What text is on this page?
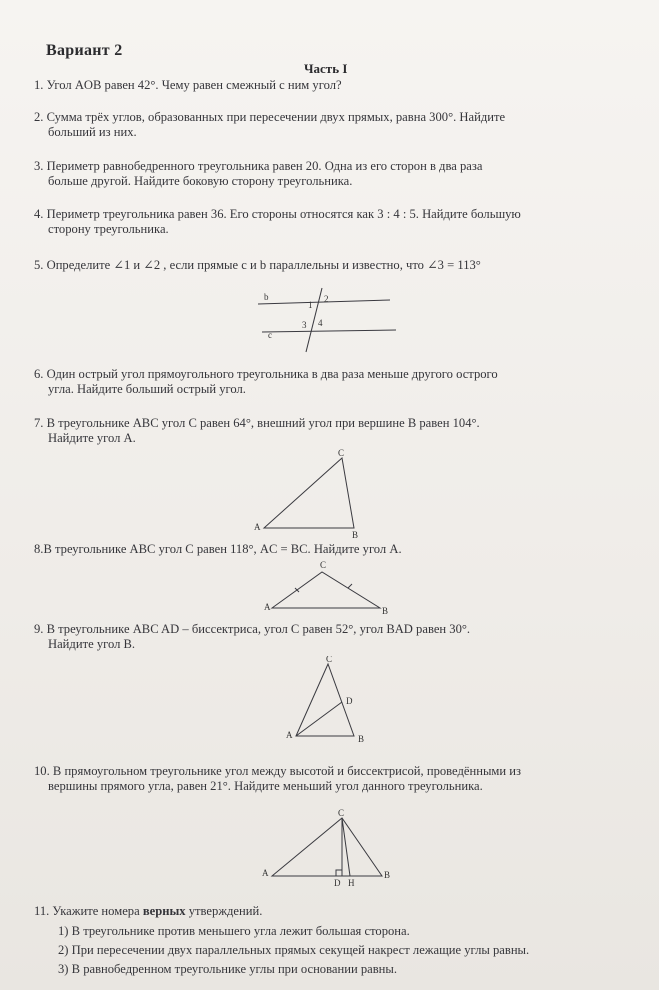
Вариант 2
Часть I
1. Угол AOB равен 42°. Чему равен смежный с ним угол?
2. Сумма трёх углов, образованных при пересечении двух прямых, равна 300°. Найдите
больший из них.
3. Периметр равнобедренного треугольника равен 20. Одна из его сторон в два раза
больше другой. Найдите боковую сторону треугольника.
4. Периметр треугольника равен 36. Его стороны относятся как 3 : 4 : 5. Найдите большую
сторону треугольника.
5. Определите ∠1 и ∠2 , если прямые c и b параллельны и известно, что ∠3 = 113°
b
c
1
2
3 4
6. Один острый угол прямоугольного треугольника в два раза меньше другого острого
угла. Найдите больший острый угол.
7. В треугольнике ABC угол C равен 64°, внешний угол при вершине B равен 104°.
Найдите угол A.
A
B
C
8.В треугольнике ABC угол C равен 118°, AC = BC. Найдите угол A.
A	B
C
9. В треугольнике ABC AD – биссектриса, угол C равен 52°, угол BAD равен 30°.
Найдите угол B.
A	B
C
D
10. В прямоугольном треугольнике угол между высотой и биссектрисой, проведёнными из
вершины прямого угла, равен 21°. Найдите меньший угол данного треугольника.
A	B
C
D H
11. Укажите номера верных утверждений.
1) В треугольнике против меньшего угла лежит большая сторона.
2) При пересечении двух параллельных прямых секущей накрест лежащие углы равны.
3) В равнобедренном треугольнике углы при основании равны.
